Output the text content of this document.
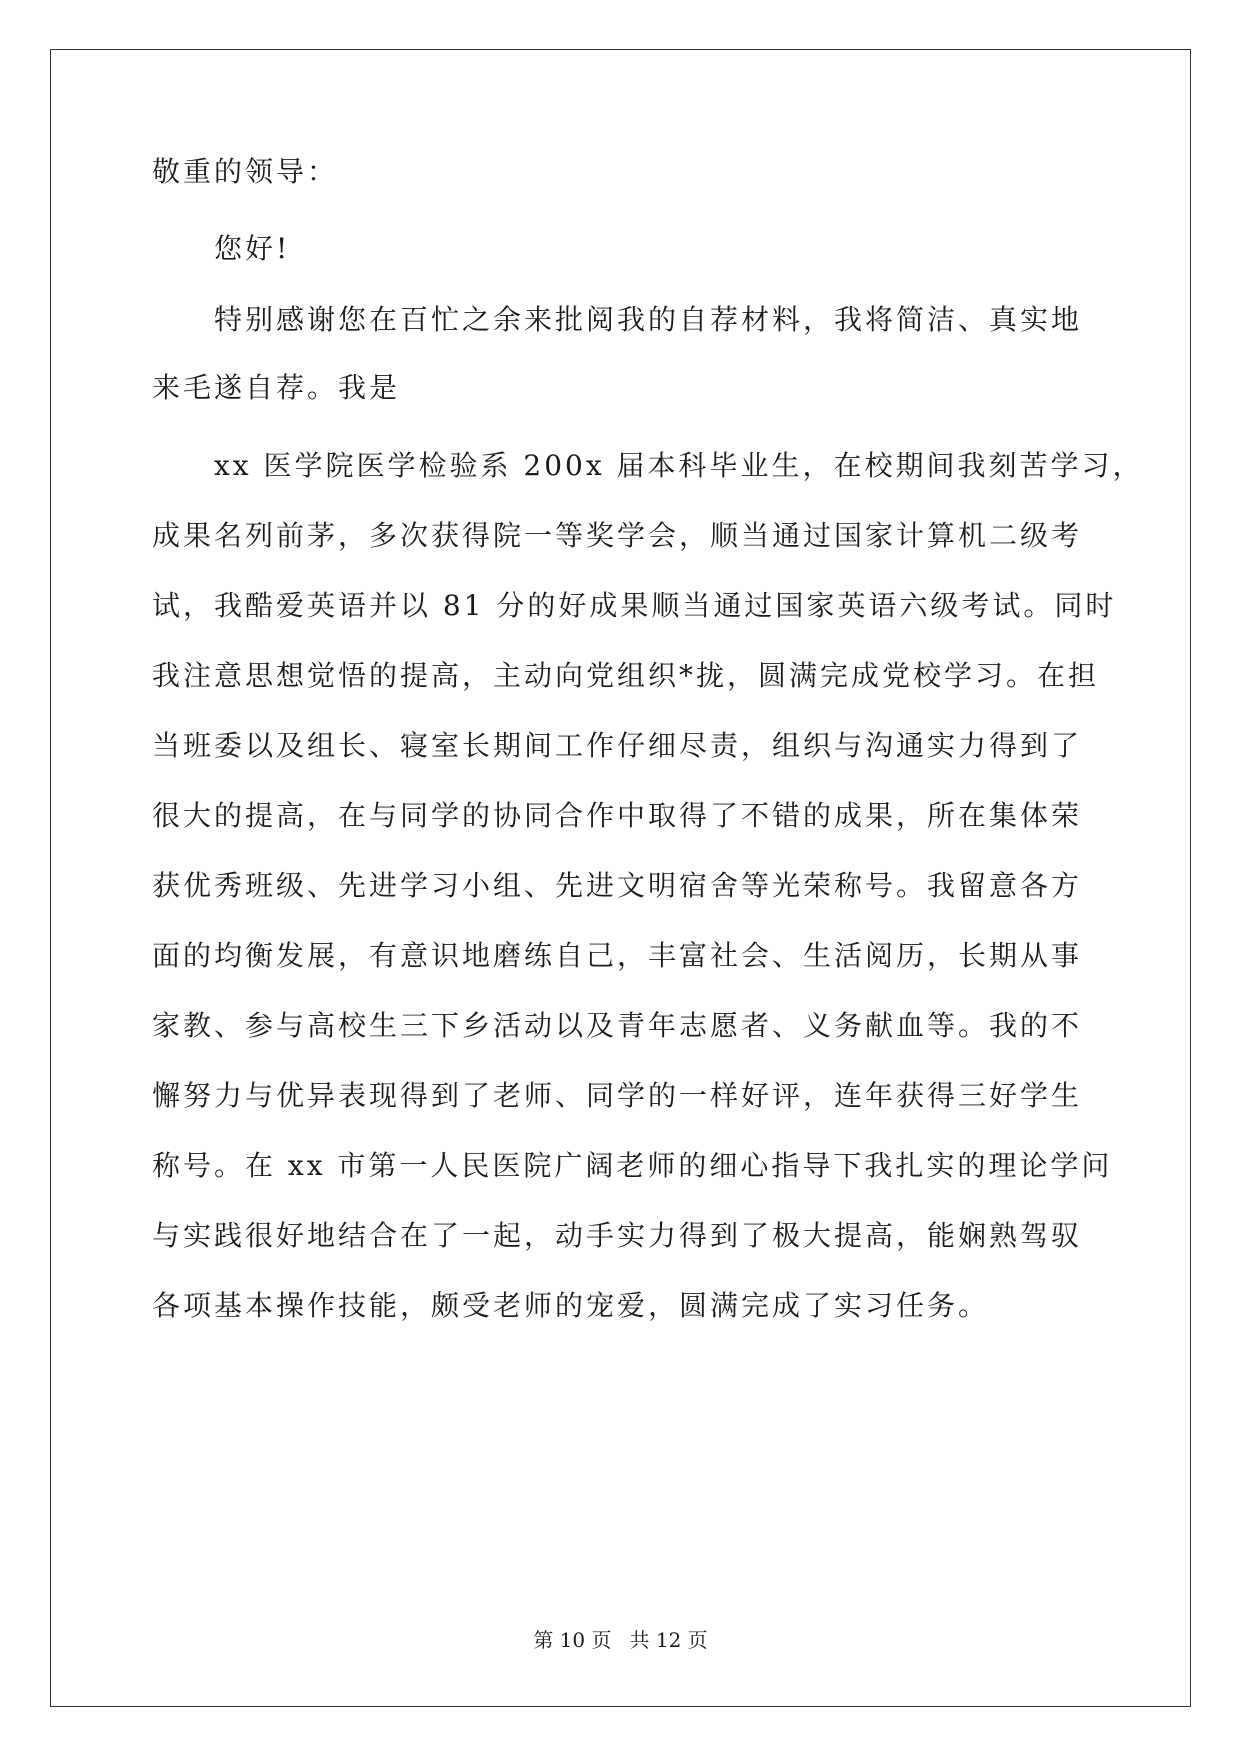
敬重的领导：
您好!
特别感谢您在百忙之余来批阅我的自荐材料，我将简洁、真实地
来毛遂自荐。我是
xx 医学院医学检验系 200x 届本科毕业生，在校期间我刻苦学习，
成果名列前茅，多次获得院一等奖学会，顺当通过国家计算机二级考
试，我酷爱英语并以 81 分的好成果顺当通过国家英语六级考试。同时
我注意思想觉悟的提高，主动向党组织*拢，圆满完成党校学习。在担
当班委以及组长、寝室长期间工作仔细尽责，组织与沟通实力得到了
很大的提高，在与同学的协同合作中取得了不错的成果，所在集体荣
获优秀班级、先进学习小组、先进文明宿舍等光荣称号。我留意各方
面的均衡发展，有意识地磨练自己，丰富社会、生活阅历，长期从事
家教、参与高校生三下乡活动以及青年志愿者、义务献血等。我的不
懈努力与优异表现得到了老师、同学的一样好评，连年获得三好学生
称号。在 xx 市第一人民医院广阔老师的细心指导下我扎实的理论学问
与实践很好地结合在了一起，动手实力得到了极大提高，能娴熟驾驭
各项基本操作技能，颇受老师的宠爱，圆满完成了实习任务。
第 10 页 共 12 页
